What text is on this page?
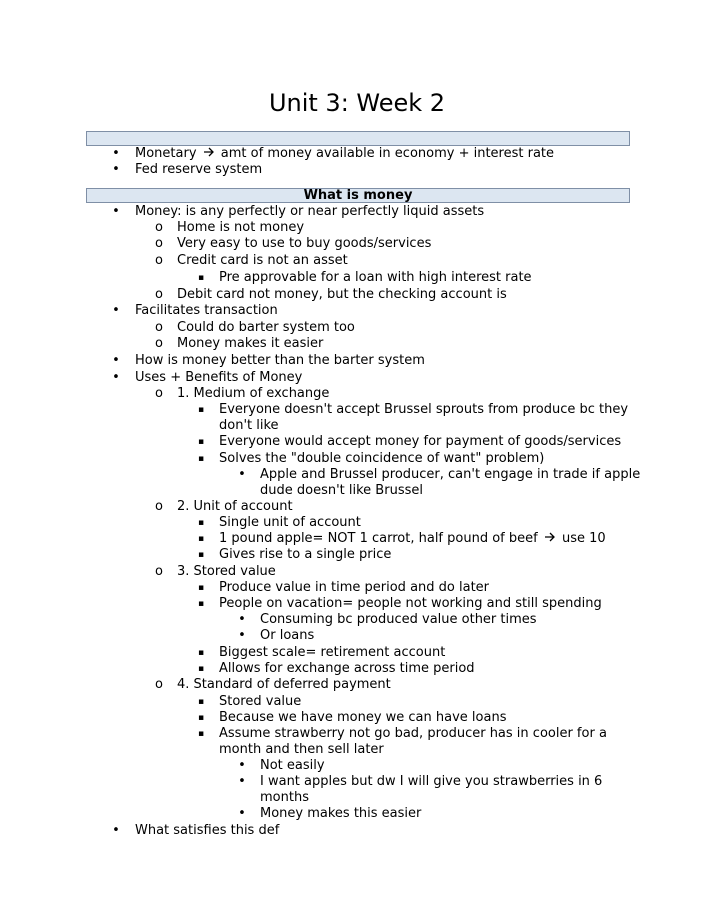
Unit 3: Week 2
• Monetary amt of money available in economy + interest rate
• Fed reserve system
What is money
• Money: is any perfectly or near perfectly liquid assets
o Home is not money
o Very easy to use to buy goods/services
o Credit card is not an asset
▪ Pre approvable for a loan with high interest rate
o Debit card not money, but the checking account is
• Facilitates transaction
o Could do barter system too
o Money makes it easier
• How is money better than the barter system
• Uses + Benefits of Money
o 1. Medium of exchange
▪ Everyone doesn't accept Brussel sprouts from produce bc they
don't like
▪ Everyone would accept money for payment of goods/services
▪ Solves the "double coincidence of want" problem)
• Apple and Brussel producer, can't engage in trade if apple
dude doesn't like Brussel
o 2. Unit of account
▪ Single unit of account
▪ 1 pound apple= NOT 1 carrot, half pound of beef use 10
▪ Gives rise to a single price
o 3. Stored value
▪ Produce value in time period and do later
▪ People on vacation= people not working and still spending
• Consuming bc produced value other times
• Or loans
▪ Biggest scale= retirement account
▪ Allows for exchange across time period
o 4. Standard of deferred payment
▪ Stored value
▪ Because we have money we can have loans
▪ Assume strawberry not go bad, producer has in cooler for a
month and then sell later
• Not easily
• I want apples but dw I will give you strawberries in 6
months
• Money makes this easier
• What satisfies this def
